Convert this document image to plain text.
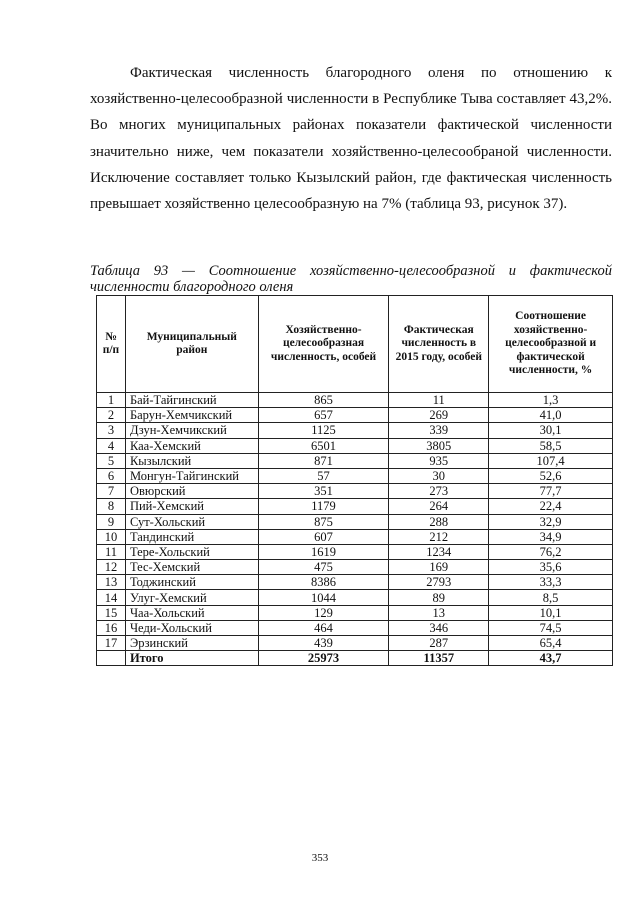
Фактическая численность благородного оленя по отношению к хозяйственно-целесообразной численности в Республике Тыва составляет 43,2%. Во многих муниципальных районах показатели фактической численности значительно ниже, чем показатели хозяйственно-целесообраной численности. Исключение составляет только Кызылский район, где фактическая численность превышает хозяйственно целесообразную на 7% (таблица 93, рисунок 37).

Таблица 93 — Соотношение хозяйственно-целесообразной и фактической численности благородного оленя

№ п/п	Муниципальный район	Хозяйственно-целесообразная численность, особей	Фактическая численность в 2015 году, особей	Соотношение хозяйственно-целесообразной и фактической численности, %
1	Бай-Тайгинский	865	11	1,3
2	Барун-Хемчикский	657	269	41,0
3	Дзун-Хемчикский	1125	339	30,1
4	Каа-Хемский	6501	3805	58,5
5	Кызылский	871	935	107,4
6	Монгун-Тайгинский	57	30	52,6
7	Овюрский	351	273	77,7
8	Пий-Хемский	1179	264	22,4
9	Сут-Хольский	875	288	32,9
10	Тандинский	607	212	34,9
11	Тере-Хольский	1619	1234	76,2
12	Тес-Хемский	475	169	35,6
13	Тоджинский	8386	2793	33,3
14	Улуг-Хемский	1044	89	8,5
15	Чаа-Хольский	129	13	10,1
16	Чеди-Хольский	464	346	74,5
17	Эрзинский	439	287	65,4
	Итого	25973	11357	43,7
353
